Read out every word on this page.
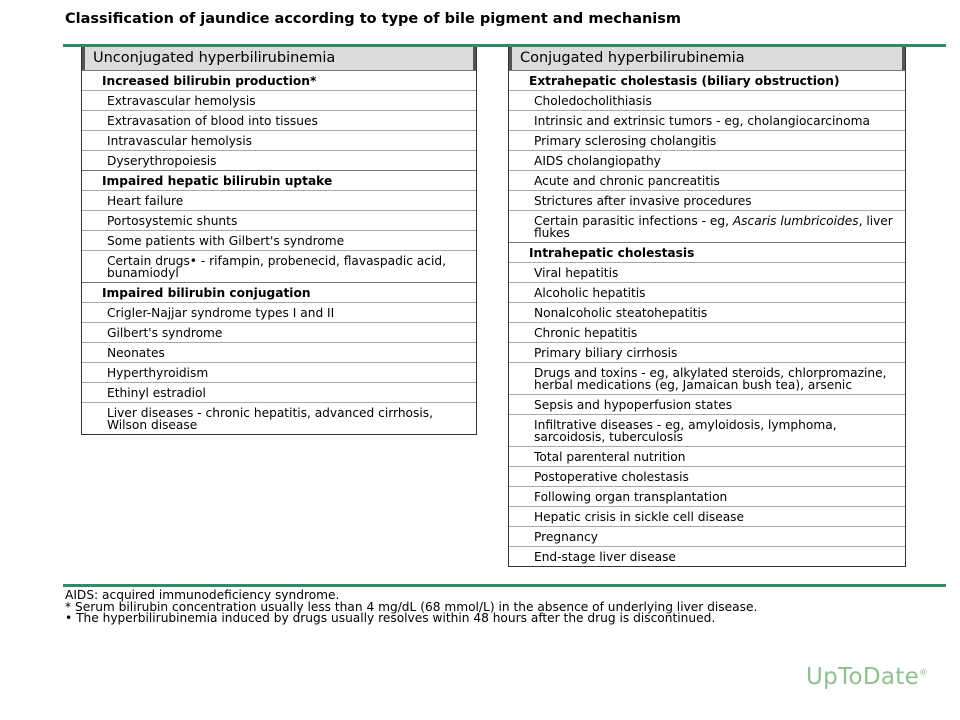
Classification of jaundice according to type of bile pigment and mechanism
Unconjugated hyperbilirubinemia
Increased bilirubin production*
Extravascular hemolysis
Extravasation of blood into tissues
Intravascular hemolysis
Dyserythropoiesis
Impaired hepatic bilirubin uptake
Heart failure
Portosystemic shunts
Some patients with Gilbert's syndrome
Certain drugs• - rifampin, probenecid, flavaspadic acid, bunamiodyl
Impaired bilirubin conjugation
Crigler-Najjar syndrome types I and II
Gilbert's syndrome
Neonates
Hyperthyroidism
Ethinyl estradiol
Liver diseases - chronic hepatitis, advanced cirrhosis, Wilson disease
Conjugated hyperbilirubinemia
Extrahepatic cholestasis (biliary obstruction)
Choledocholithiasis
Intrinsic and extrinsic tumors - eg, cholangiocarcinoma
Primary sclerosing cholangitis
AIDS cholangiopathy
Acute and chronic pancreatitis
Strictures after invasive procedures
Certain parasitic infections - eg, Ascaris lumbricoides, liver flukes
Intrahepatic cholestasis
Viral hepatitis
Alcoholic hepatitis
Nonalcoholic steatohepatitis
Chronic hepatitis
Primary biliary cirrhosis
Drugs and toxins - eg, alkylated steroids, chlorpromazine, herbal medications (eg, Jamaican bush tea), arsenic
Sepsis and hypoperfusion states
Infiltrative diseases - eg, amyloidosis, lymphoma, sarcoidosis, tuberculosis
Total parenteral nutrition
Postoperative cholestasis
Following organ transplantation
Hepatic crisis in sickle cell disease
Pregnancy
End-stage liver disease
AIDS: acquired immunodeficiency syndrome.
* Serum bilirubin concentration usually less than 4 mg/dL (68 mmol/L) in the absence of underlying liver disease.
• The hyperbilirubinemia induced by drugs usually resolves within 48 hours after the drug is discontinued.
UpToDate®
